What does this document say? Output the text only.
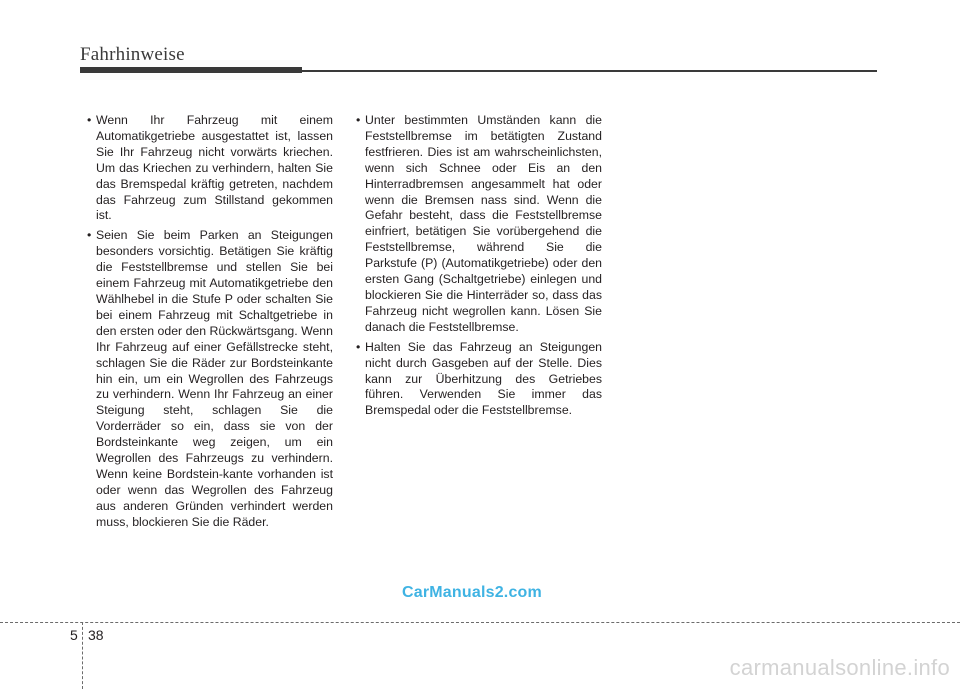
Fahrhinweise
• Wenn Ihr Fahrzeug mit einem Automatikgetriebe ausgestattet ist, lassen Sie Ihr Fahrzeug nicht vorwärts kriechen. Um das Kriechen zu verhindern, halten Sie das Bremspedal kräftig getreten, nachdem das Fahrzeug zum Stillstand gekommen ist.
• Seien Sie beim Parken an Steigungen besonders vorsichtig. Betätigen Sie kräftig die Feststellbremse und stellen Sie bei einem Fahrzeug mit Automatikgetriebe den Wählhebel in die Stufe P oder schalten Sie bei einem Fahrzeug mit Schaltgetriebe in den ersten oder den Rückwärtsgang. Wenn Ihr Fahrzeug auf einer Gefällstrecke steht, schlagen Sie die Räder zur Bordsteinkante hin ein, um ein Wegrollen des Fahrzeugs zu verhindern. Wenn Ihr Fahrzeug an einer Steigung steht, schlagen Sie die Vorderräder so ein, dass sie von der Bordsteinkante weg zeigen, um ein Wegrollen des Fahrzeugs zu verhindern. Wenn keine Bordstein-kante vorhanden ist oder wenn das Wegrollen des Fahrzeug aus anderen Gründen verhindert werden muss, blockieren Sie die Räder.
• Unter bestimmten Umständen kann die Feststellbremse im betätigten Zustand festfrieren. Dies ist am wahrscheinlichsten, wenn sich Schnee oder Eis an den Hinterradbremsen angesammelt hat oder wenn die Bremsen nass sind. Wenn die Gefahr besteht, dass die Feststellbremse einfriert, betätigen Sie vorübergehend die Feststellbremse, während Sie die Parkstufe (P) (Automatikgetriebe) oder den ersten Gang (Schaltgetriebe) einlegen und blockieren Sie die Hinterräder so, dass das Fahrzeug nicht wegrollen kann. Lösen Sie danach die Feststellbremse.
• Halten Sie das Fahrzeug an Steigungen nicht durch Gasgeben auf der Stelle. Dies kann zur Überhitzung des Getriebes führen. Verwenden Sie immer das Bremspedal oder die Feststellbremse.
CarManuals2.com
5 38
carmanualsonline.info
